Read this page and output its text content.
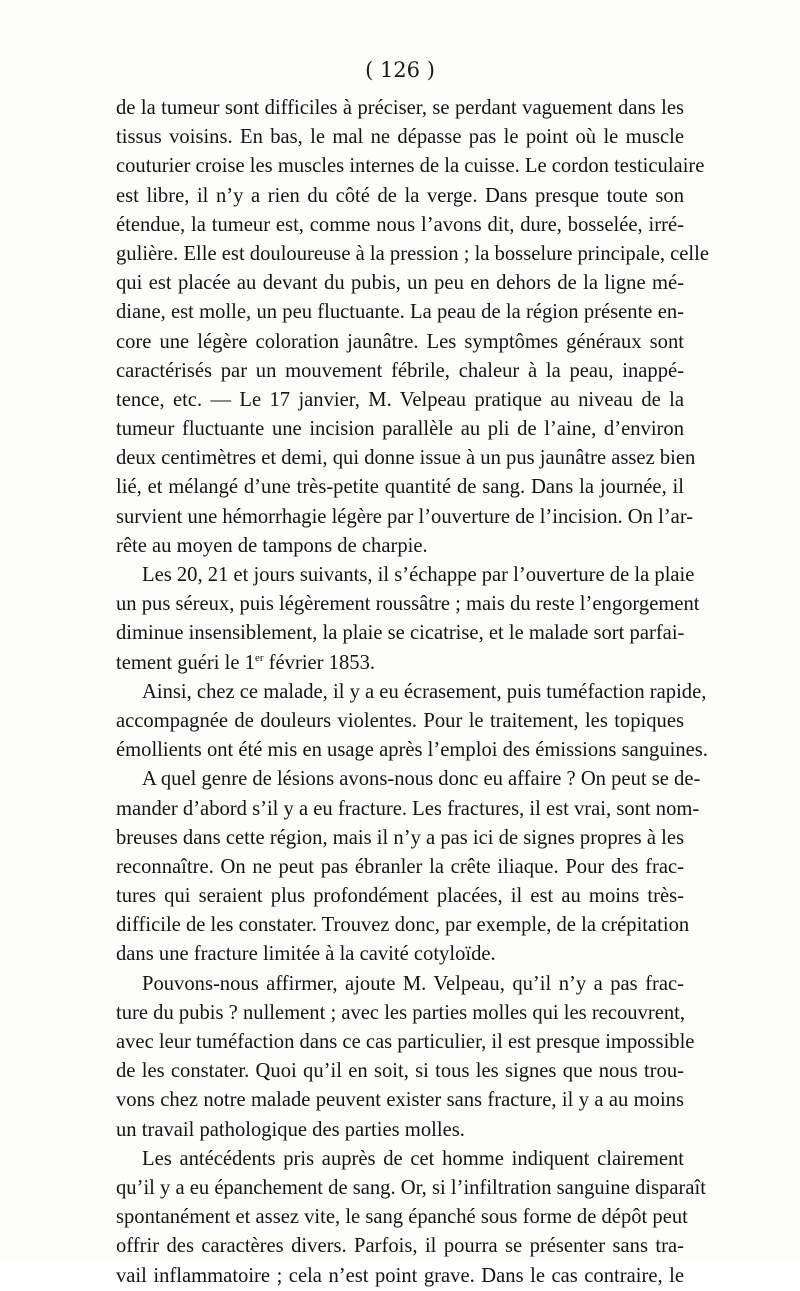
( 126 )
de la tumeur sont difficiles à préciser, se perdant vaguement dans les
tissus voisins. En bas, le mal ne dépasse pas le point où le muscle
couturier croise les muscles internes de la cuisse. Le cordon testiculaire
est libre, il n’y a rien du côté de la verge. Dans presque toute son
étendue, la tumeur est, comme nous l’avons dit, dure, bosselée, irré-
gulière. Elle est douloureuse à la pression ; la bosselure principale, celle
qui est placée au devant du pubis, un peu en dehors de la ligne mé-
diane, est molle, un peu fluctuante. La peau de la région présente en-
core une légère coloration jaunâtre. Les symptômes généraux sont
caractérisés par un mouvement fébrile, chaleur à la peau, inappé-
tence, etc. — Le 17 janvier, M. Velpeau pratique au niveau de la
tumeur fluctuante une incision parallèle au pli de l’aine, d’environ
deux centimètres et demi, qui donne issue à un pus jaunâtre assez bien
lié, et mélangé d’une très-petite quantité de sang. Dans la journée, il
survient une hémorrhagie légère par l’ouverture de l’incision. On l’ar-
rête au moyen de tampons de charpie.
Les 20, 21 et jours suivants, il s’échappe par l’ouverture de la plaie
un pus séreux, puis légèrement roussâtre ; mais du reste l’engorgement
diminue insensiblement, la plaie se cicatrise, et le malade sort parfai-
tement guéri le 1er février 1853.
Ainsi, chez ce malade, il y a eu écrasement, puis tuméfaction rapide,
accompagnée de douleurs violentes. Pour le traitement, les topiques
émollients ont été mis en usage après l’emploi des émissions sanguines.
A quel genre de lésions avons-nous donc eu affaire ? On peut se de-
mander d’abord s’il y a eu fracture. Les fractures, il est vrai, sont nom-
breuses dans cette région, mais il n’y a pas ici de signes propres à les
reconnaître. On ne peut pas ébranler la crête iliaque. Pour des frac-
tures qui seraient plus profondément placées, il est au moins très-
difficile de les constater. Trouvez donc, par exemple, de la crépitation
dans une fracture limitée à la cavité cotyloïde.
Pouvons-nous affirmer, ajoute M. Velpeau, qu’il n’y a pas frac-
ture du pubis ? nullement ; avec les parties molles qui les recouvrent,
avec leur tuméfaction dans ce cas particulier, il est presque impossible
de les constater. Quoi qu’il en soit, si tous les signes que nous trou-
vons chez notre malade peuvent exister sans fracture, il y a au moins
un travail pathologique des parties molles.
Les antécédents pris auprès de cet homme indiquent clairement
qu’il y a eu épanchement de sang. Or, si l’infiltration sanguine disparaît
spontanément et assez vite, le sang épanché sous forme de dépôt peut
offrir des caractères divers. Parfois, il pourra se présenter sans tra-
vail inflammatoire ; cela n’est point grave. Dans le cas contraire, le
